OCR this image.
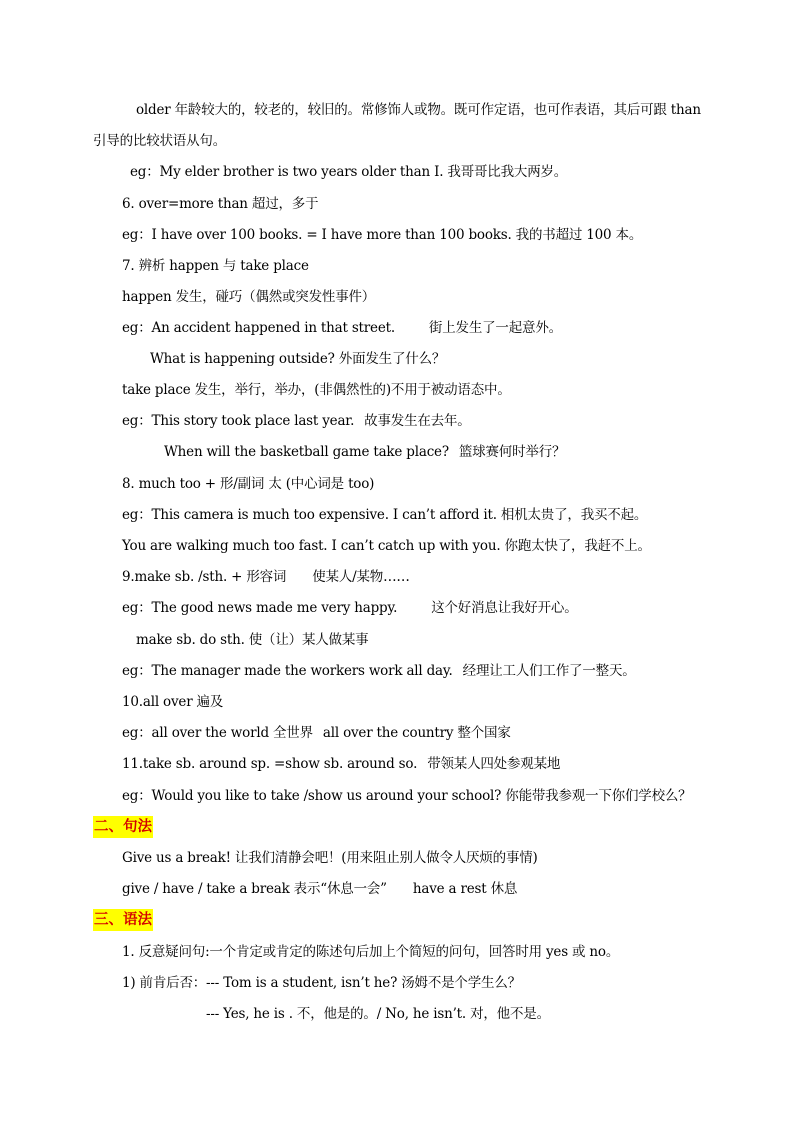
older 年龄较大的，较老的，较旧的。常修饰人或物。既可作定语，也可作表语，其后可跟 than
引导的比较状语从句。
eg：My elder brother is two years older than I. 我哥哥比我大两岁。
6. over=more than 超过，多于
eg：I have over 100 books. = I have more than 100 books. 我的书超过 100 本。
7. 辨析 happen 与 take place
happen 发生，碰巧（偶然或突发性事件）
eg：An accident happened in that street.	街上发生了一起意外。
What is happening outside? 外面发生了什么？
take place 发生，举行，举办，(非偶然性的)不用于被动语态中。
eg：This story took place last year. 故事发生在去年。
When will the basketball game take place? 篮球赛何时举行？
8. much too + 形/副词 太 (中心词是 too)
eg：This camera is much too expensive. I can’t afford it. 相机太贵了，我买不起。
You are walking much too fast. I can’t catch up with you. 你跑太快了，我赶不上。
9.make sb. /sth. + 形容词 使某人/某物……
eg：The good news made me very happy.	这个好消息让我好开心。
make sb. do sth. 使（让）某人做某事
eg：The manager made the workers work all day. 经理让工人们工作了一整天。
10.all over 遍及
eg：all over the world 全世界 all over the country 整个国家
11.take sb. around sp. =show sb. around so. 带领某人四处参观某地
eg：Would you like to take /show us around your school? 你能带我参观一下你们学校么？
二、句法
Give us a break! 让我们清静会吧！(用来阻止别人做令人厌烦的事情)
give / have / take a break 表示“休息一会” have a rest 休息
三、语法
1. 反意疑问句:一个肯定或肯定的陈述句后加上个简短的问句，回答时用 yes 或 no。
1) 前肯后否：--- Tom is a student, isn’t he? 汤姆不是个学生么？
--- Yes, he is . 不，他是的。/ No, he isn’t. 对，他不是。
